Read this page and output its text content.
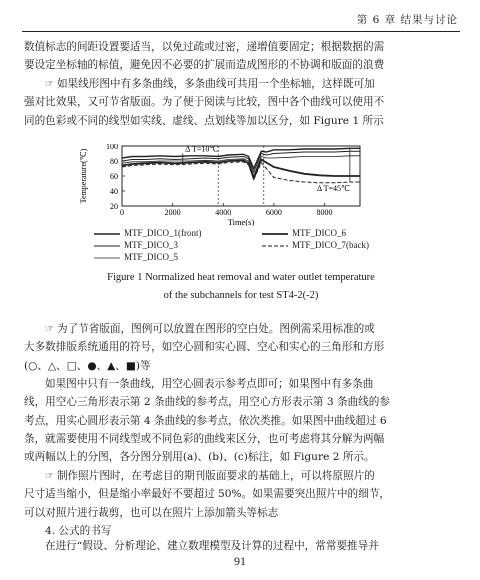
第 6 章 结果与讨论
数值标志的间距设置要适当，以免过疏或过密，递增值要固定；根据数据的需
要设定坐标轴的标值，避免因不必要的扩展而造成图形的不协调和版面的浪费
☞ 如果线形图中有多条曲线，多条曲线可共用一个坐标轴，这样既可加
强对比效果，又可节省版面。为了便于阅读与比较，图中各个曲线可以使用不
同的色彩或不同的线型如实线、虚线、点划线等加以区分，如 Figure 1 所示
20
40
60
80
100
0	2000	4000	6000	8000
Time(s)
Temperature(℃)	Δ T=10℃
Δ T=45℃
MTF_DICO_1(front)
MTF_DICO_3
MTF_DICO_5
MTF_DICO_6
MTF_DICO_7(back)
Figure 1 Normalized heat removal and water outlet temperature
of the subchannels for test ST4-2(-2)
☞ 为了节省版面，图例可以放置在图形的空白处。图例需采用标准的或
大多数排版系统通用的符号，如空心圆和实心圆、空心和实心的三角形和方形
(○、△、□、●、▲、■)等
如果图中只有一条曲线，用空心圆表示参考点即可；如果图中有多条曲
线，用空心三角形表示第 2 条曲线的参考点，用空心方形表示第 3 条曲线的参
考点，用实心圆形表示第 4 条曲线的参考点，依次类推。如果图中曲线超过 6
条，就需要使用不同线型或不同色彩的曲线来区分，也可考虑将其分解为两幅
或两幅以上的分图，各分图分别用(a)、(b)、(c)标注，如 Figure 2 所示。
☞ 制作照片图时，在考虑目的期刊版面要求的基础上，可以将原照片的
尺寸适当缩小，但是缩小率最好不要超过 50%。如果需要突出照片中的细节，
可以对照片进行裁剪，也可以在照片上添加箭头等标志
4. 公式的书写
在进行“假设、分析理论、建立数理模型及计算的过程中，常常要推导并
91
